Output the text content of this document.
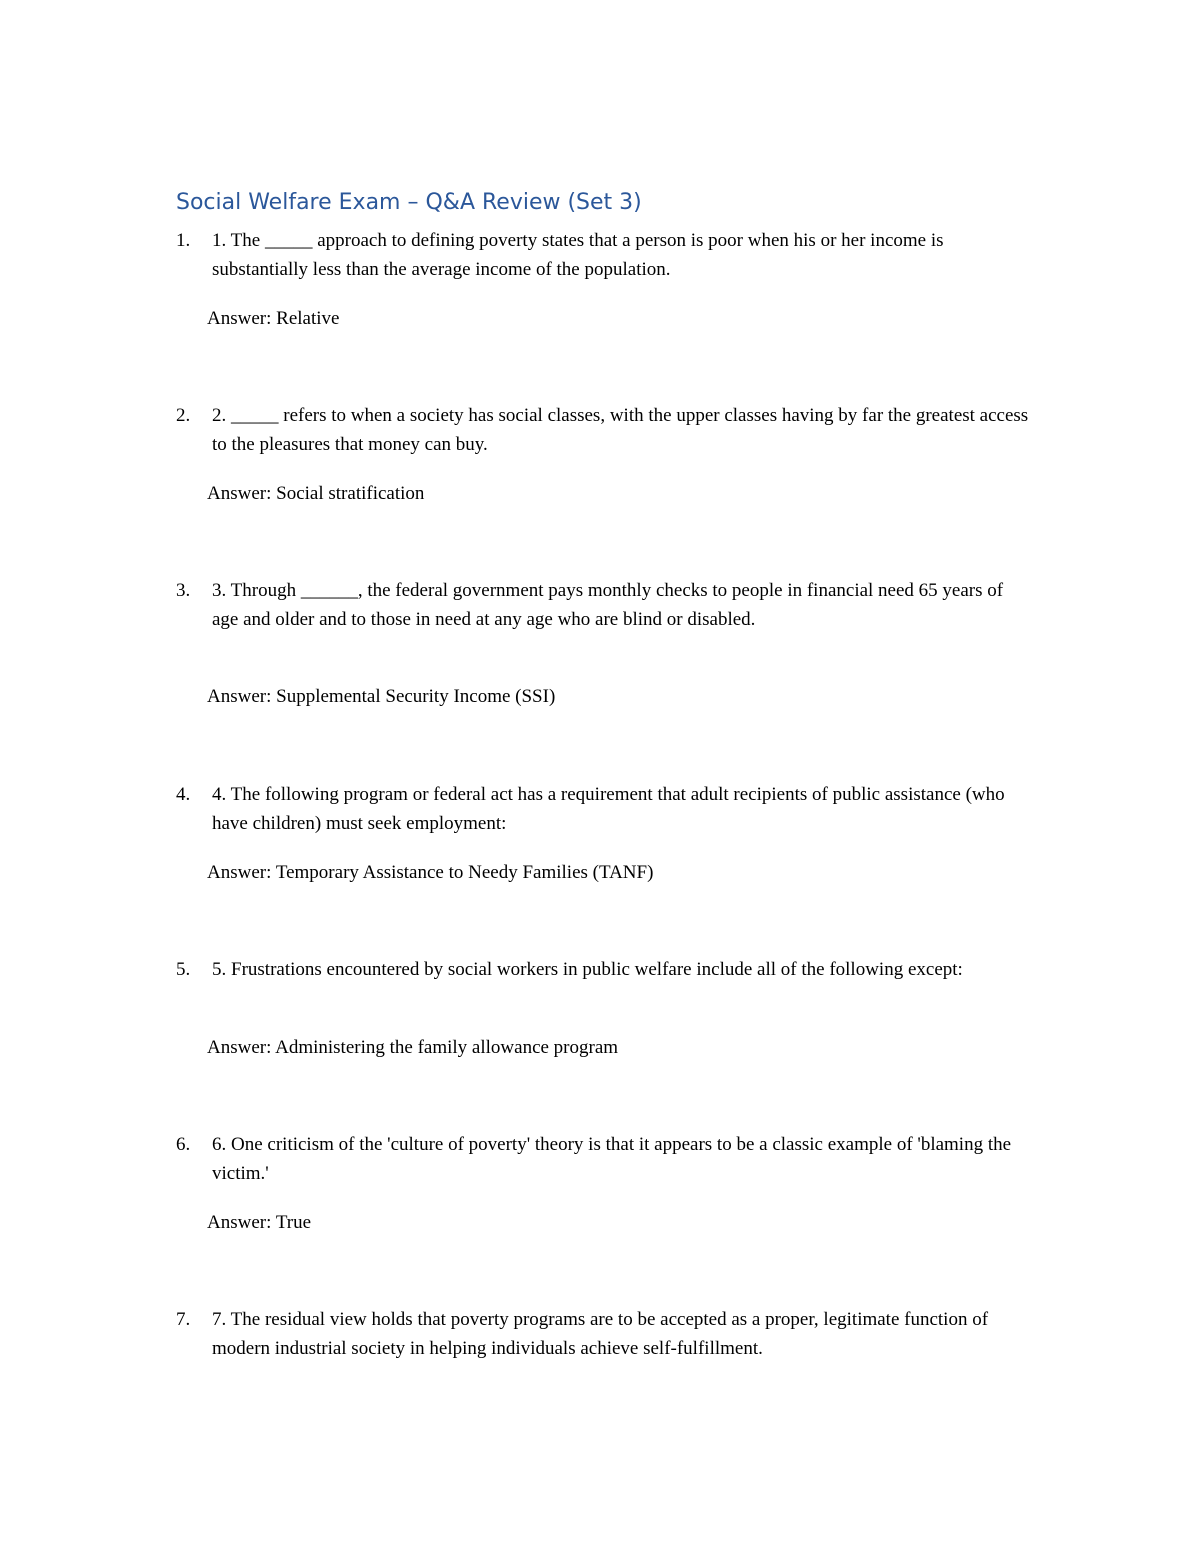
Social Welfare Exam – Q&A Review (Set 3)
1. 1. The _____ approach to defining poverty states that a person is poor when his or her income is substantially less than the average income of the population.
Answer: Relative
2. 2. _____ refers to when a society has social classes, with the upper classes having by far the greatest access to the pleasures that money can buy.
Answer: Social stratification
3. 3. Through ______, the federal government pays monthly checks to people in financial need 65 years of age and older and to those in need at any age who are blind or disabled.
Answer: Supplemental Security Income (SSI)
4. 4. The following program or federal act has a requirement that adult recipients of public assistance (who have children) must seek employment:
Answer: Temporary Assistance to Needy Families (TANF)
5. 5. Frustrations encountered by social workers in public welfare include all of the following except:
Answer: Administering the family allowance program
6. 6. One criticism of the 'culture of poverty' theory is that it appears to be a classic example of 'blaming the victim.'
Answer: True
7. 7. The residual view holds that poverty programs are to be accepted as a proper, legitimate function of modern industrial society in helping individuals achieve self-fulfillment.
